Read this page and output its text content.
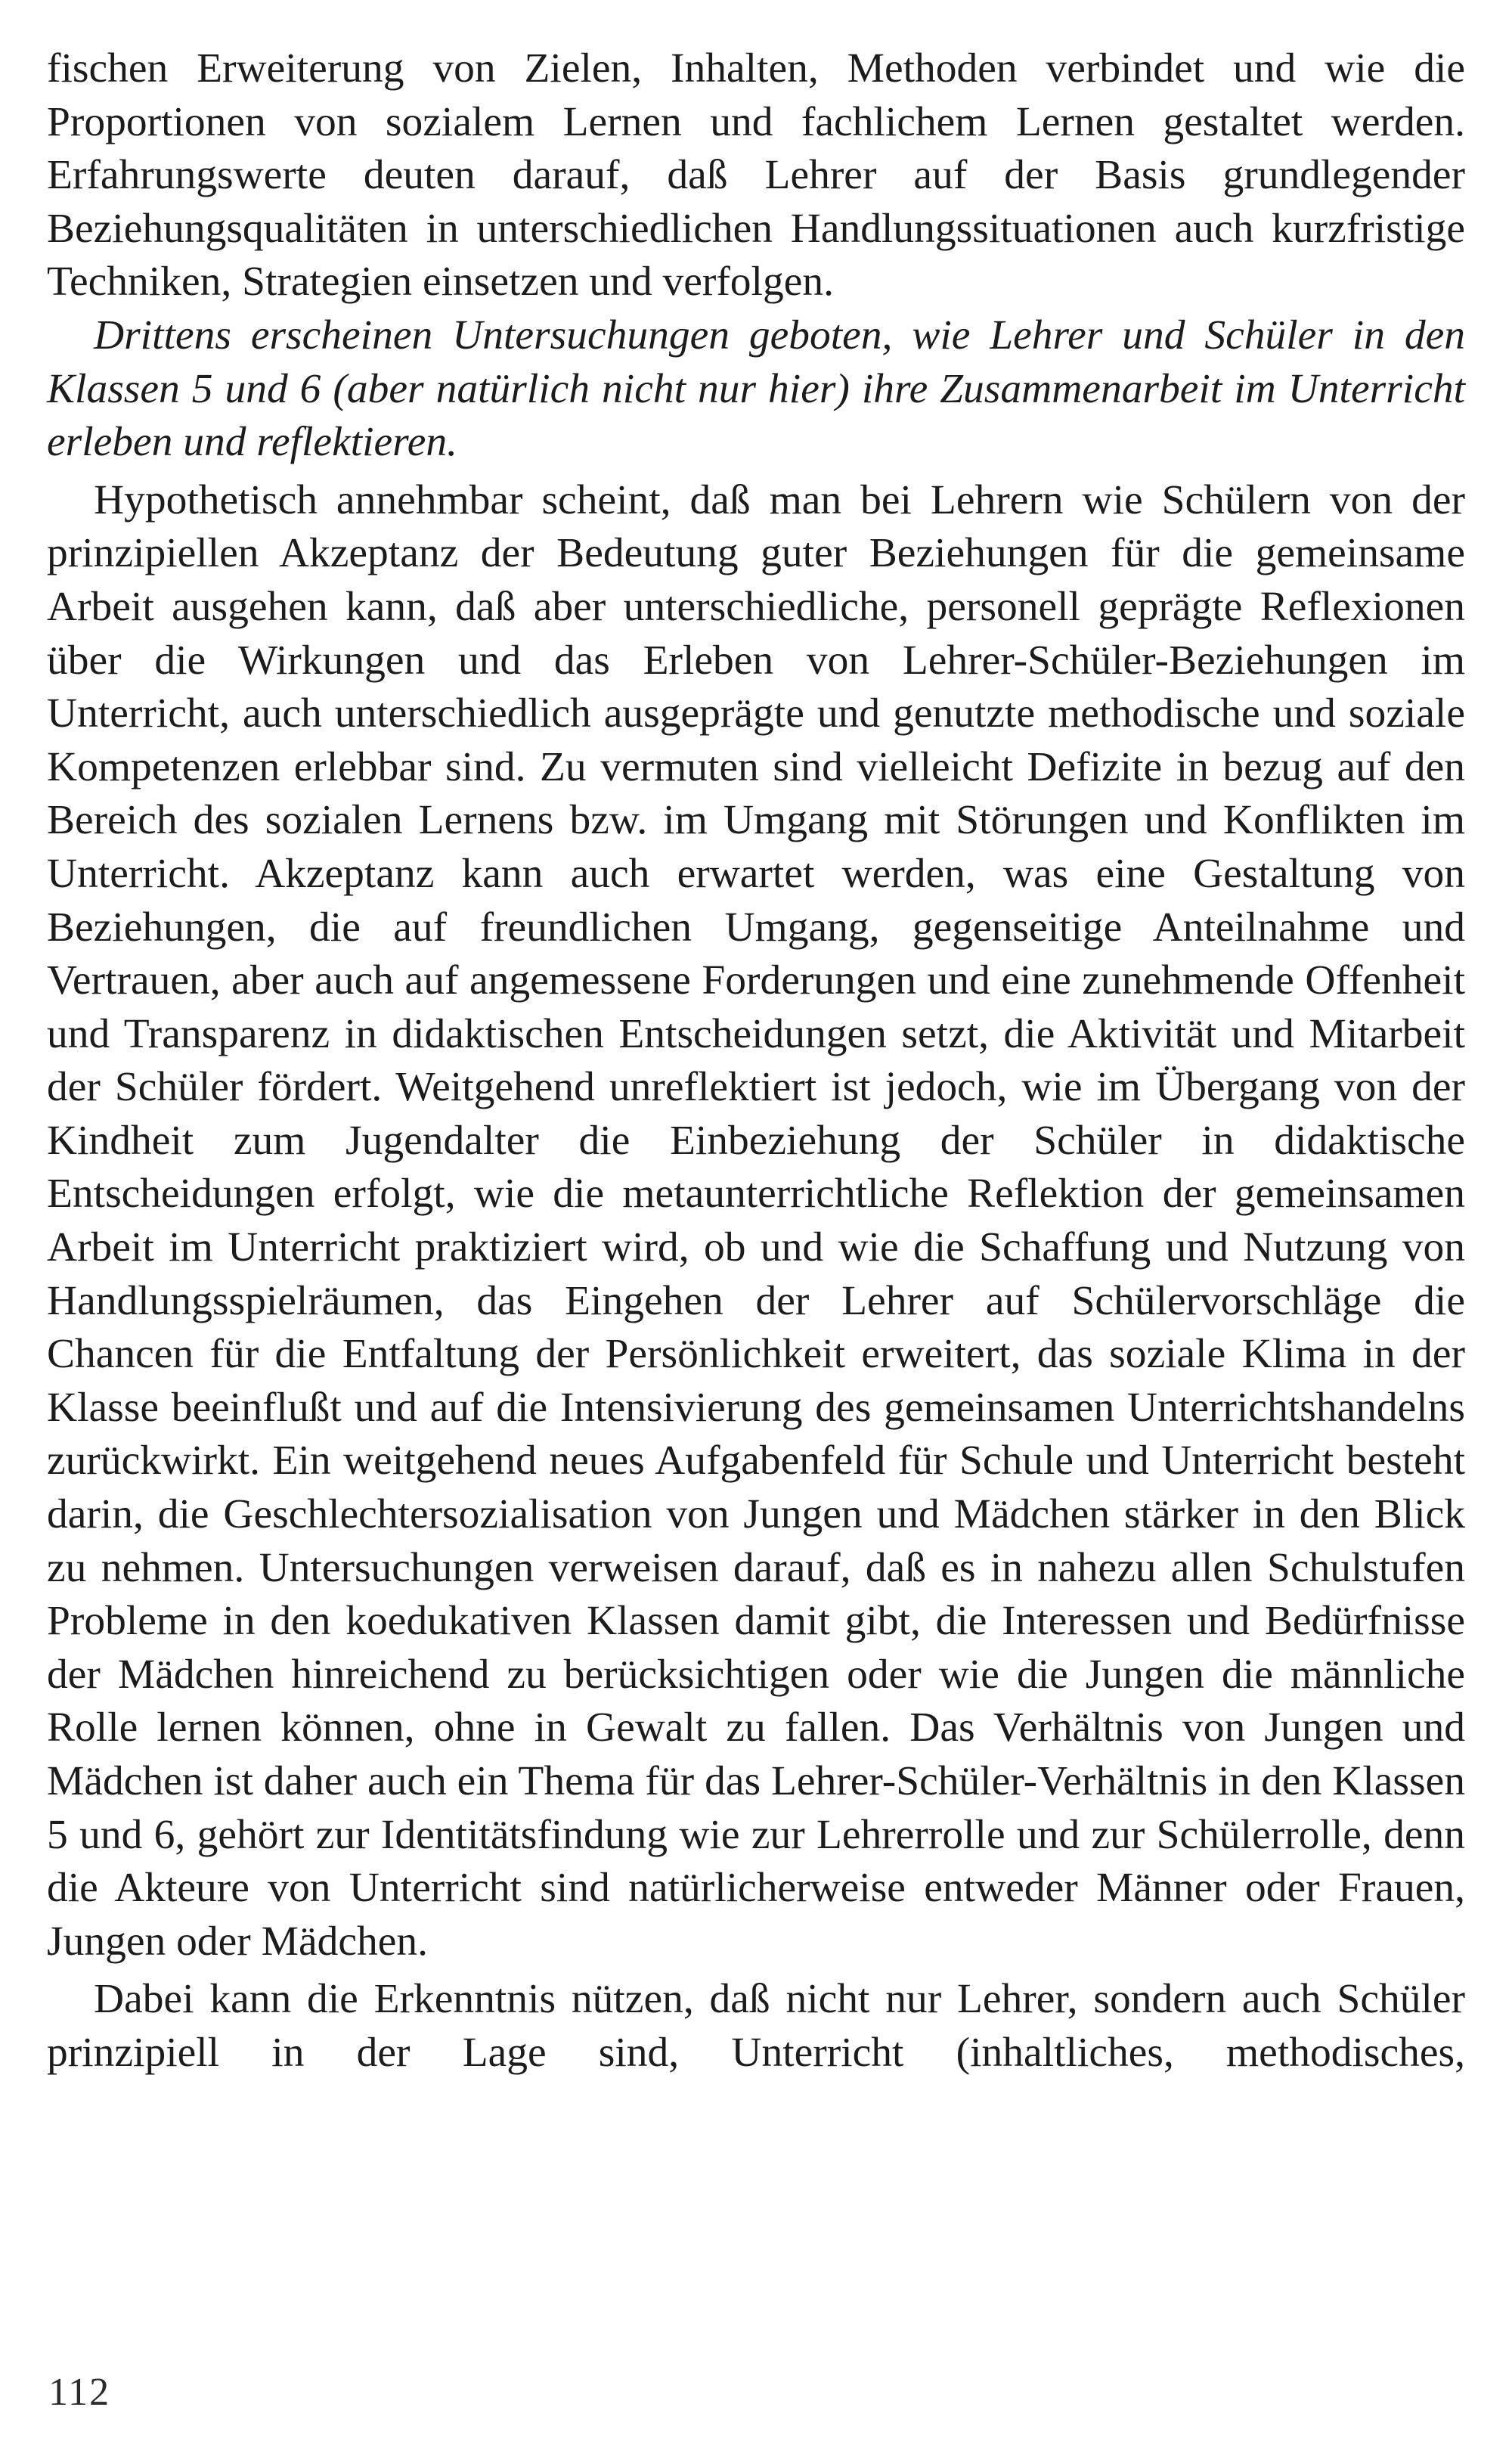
fischen Erweiterung von Zielen, Inhalten, Methoden verbindet und wie die Proportionen von sozialem Lernen und fachlichem Lernen gestaltet werden. Erfahrungswerte deuten darauf, daß Lehrer auf der Basis grundlegender Beziehungsqualitäten in unterschiedlichen Handlungssituationen auch kurzfristige Techniken, Strategien einsetzen und verfolgen.

Drittens erscheinen Untersuchungen geboten, wie Lehrer und Schüler in den Klassen 5 und 6 (aber natürlich nicht nur hier) ihre Zusammenarbeit im Unterricht erleben und reflektieren.

Hypothetisch annehmbar scheint, daß man bei Lehrern wie Schülern von der prinzipiellen Akzeptanz der Bedeutung guter Beziehungen für die gemeinsame Arbeit ausgehen kann, daß aber unterschiedliche, personell geprägte Reflexionen über die Wirkungen und das Erleben von Lehrer-Schüler-Beziehungen im Unterricht, auch unterschiedlich ausgeprägte und genutzte methodische und soziale Kompetenzen erlebbar sind. Zu vermuten sind vielleicht Defizite in bezug auf den Bereich des sozialen Lernens bzw. im Umgang mit Störungen und Konflikten im Unterricht. Akzeptanz kann auch erwartet werden, was eine Gestaltung von Beziehungen, die auf freundlichen Umgang, gegenseitige Anteilnahme und Vertrauen, aber auch auf angemessene Forderungen und eine zunehmende Offenheit und Transparenz in didaktischen Entscheidungen setzt, die Aktivität und Mitarbeit der Schüler fördert. Weitgehend unreflektiert ist jedoch, wie im Übergang von der Kindheit zum Jugendalter die Einbeziehung der Schüler in didaktische Entscheidungen erfolgt, wie die metaunterrichtliche Reflektion der gemeinsamen Arbeit im Unterricht praktiziert wird, ob und wie die Schaffung und Nutzung von Handlungsspielräumen, das Eingehen der Lehrer auf Schülervorschläge die Chancen für die Entfaltung der Persönlichkeit erweitert, das soziale Klima in der Klasse beeinflußt und auf die Intensivierung des gemeinsamen Unterrichtshandelns zurückwirkt. Ein weitgehend neues Aufgabenfeld für Schule und Unterricht besteht darin, die Geschlechtersozialisation von Jungen und Mädchen stärker in den Blick zu nehmen. Untersuchungen verweisen darauf, daß es in nahezu allen Schulstufen Probleme in den koedukativen Klassen damit gibt, die Interessen und Bedürfnisse der Mädchen hinreichend zu berücksichtigen oder wie die Jungen die männliche Rolle lernen können, ohne in Gewalt zu fallen. Das Verhältnis von Jungen und Mädchen ist daher auch ein Thema für das Lehrer-Schüler-Verhältnis in den Klassen 5 und 6, gehört zur Identitätsfindung wie zur Lehrerrolle und zur Schülerrolle, denn die Akteure von Unterricht sind natürlicherweise entweder Männer oder Frauen, Jungen oder Mädchen.

Dabei kann die Erkenntnis nützen, daß nicht nur Lehrer, sondern auch Schüler prinzipiell in der Lage sind, Unterricht (inhaltliches, methodisches,

112
